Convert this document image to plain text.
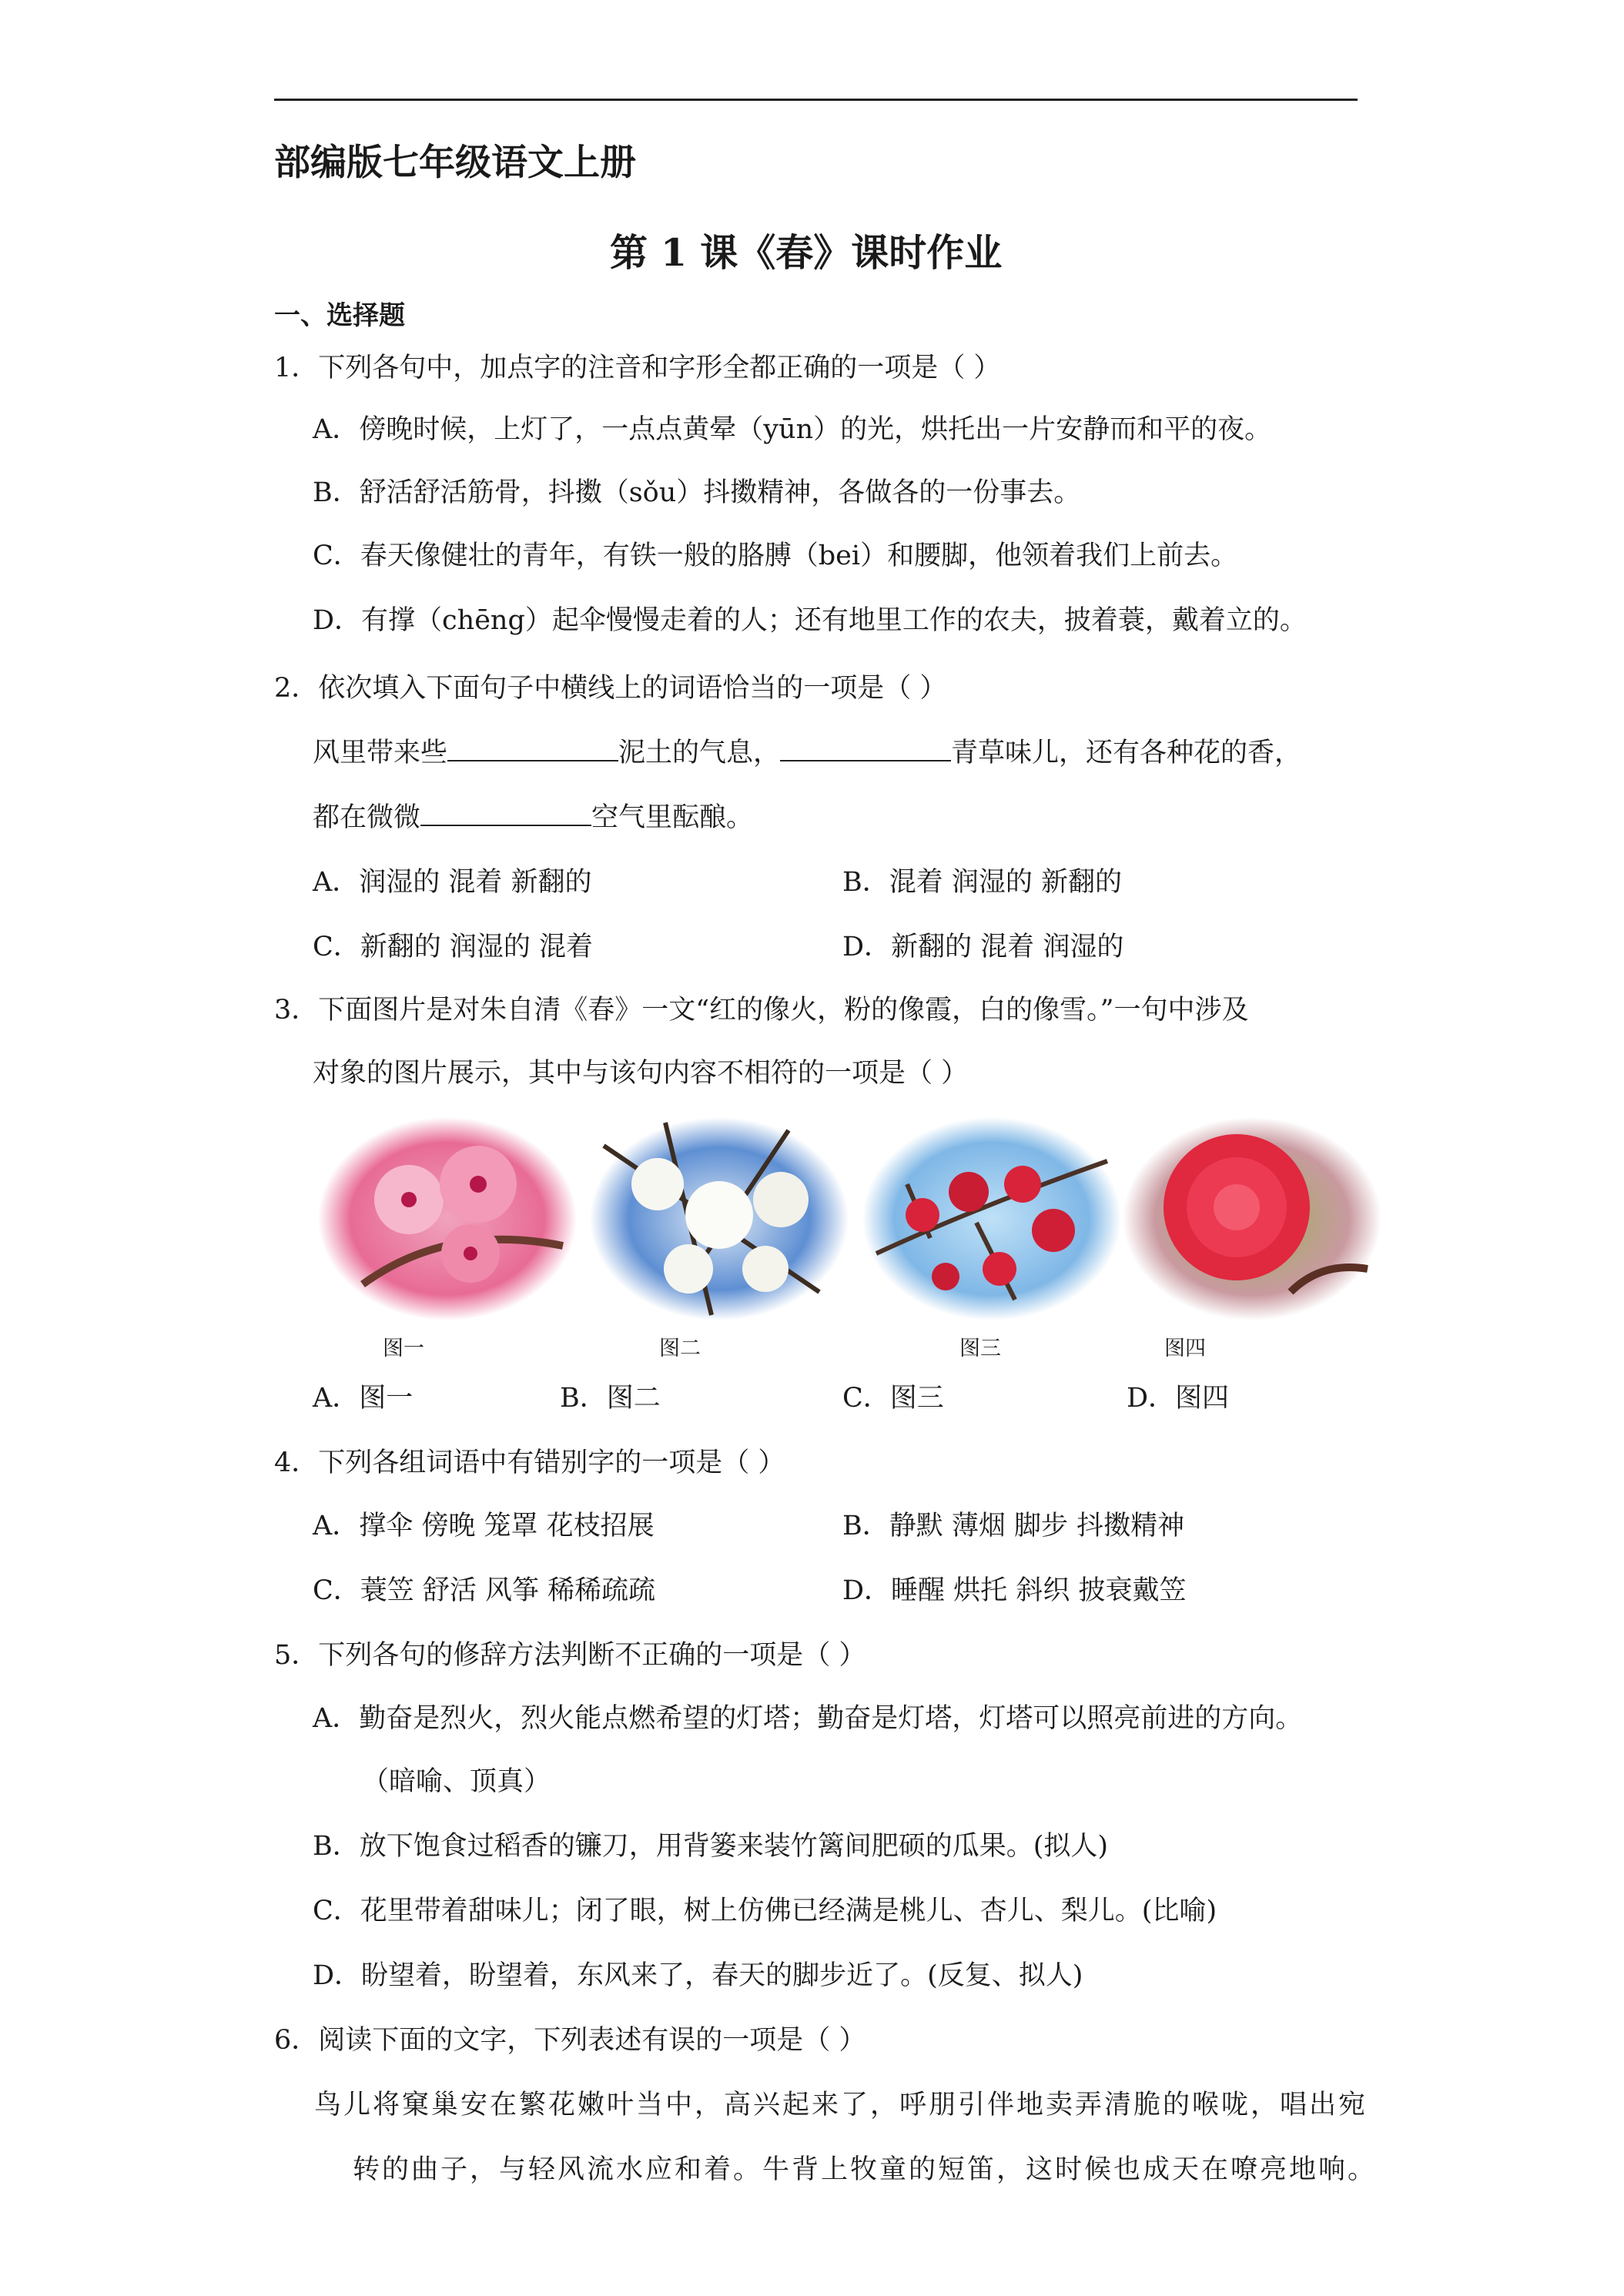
部编版七年级语文上册
第 1 课《春》课时作业
一、选择题
1．下列各句中，加点字的注音和字形全都正确的一项是（ ）
A．傍晚时候，上灯了，一点点黄晕（yūn）的光，烘托出一片安静而和平的夜。
B．舒活舒活筋骨，抖擞（sǒu）抖擞精神，各做各的一份事去。
C．春天像健壮的青年，有铁一般的胳膊（bei）和腰脚，他领着我们上前去。
D．有撑（chēng）起伞慢慢走着的人；还有地里工作的农夫，披着蓑，戴着立的。
2．依次填入下面句子中横线上的词语恰当的一项是（ ）
风里带来些	泥土的气息，	青草味儿，还有各种花的香，
都在微微	空气里酝酿。
A．润湿的 混着 新翻的	B．混着 润湿的 新翻的
C．新翻的 润湿的 混着	D．新翻的 混着 润湿的
3．下面图片是对朱自清《春》一文“红的像火，粉的像霞，白的像雪。”一句中涉及
对象的图片展示，其中与该句内容不相符的一项是（ ）
图一	图二	图三	图四
A．图一	B．图二	C．图三	D．图四
4．下列各组词语中有错别字的一项是（ ）
A．撑伞 傍晚 笼罩 花枝招展	B．静默 薄烟 脚步 抖擞精神
C．蓑笠 舒活 风筝 稀稀疏疏	D．睡醒 烘托 斜织 披衰戴笠
5．下列各句的修辞方法判断不正确的一项是（ ）
A．勤奋是烈火，烈火能点燃希望的灯塔；勤奋是灯塔，灯塔可以照亮前进的方向。
（暗喻、顶真）
B．放下饱食过稻香的镰刀，用背篓来装竹篱间肥硕的瓜果。(拟人)
C．花里带着甜味儿；闭了眼，树上仿佛已经满是桃儿、杏儿、梨儿。(比喻)
D．盼望着，盼望着，东风来了，春天的脚步近了。(反复、拟人)
6．阅读下面的文字，下列表述有误的一项是（ ）
鸟儿将窠巢安在繁花嫩叶当中，高兴起来了，呼朋引伴地卖弄清脆的喉咙，唱出宛
转的曲子，与轻风流水应和着。牛背上牧童的短笛，这时候也成天在嘹亮地响。
